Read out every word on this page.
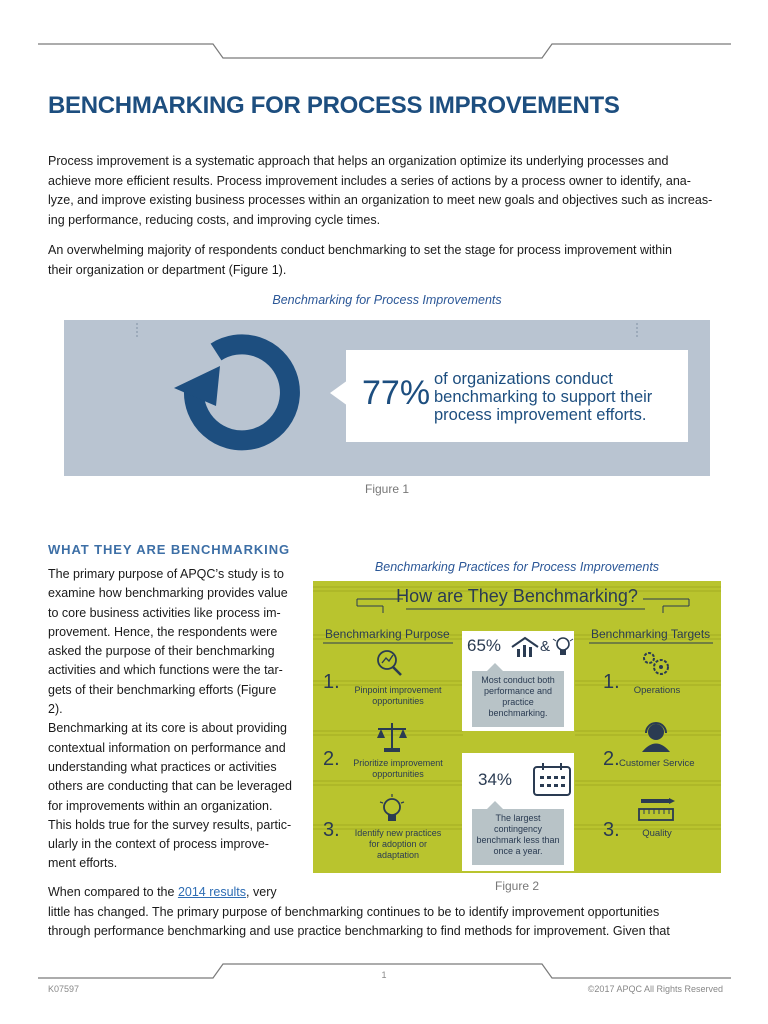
BENCHMARKING FOR PROCESS IMPROVEMENTS
Process improvement is a systematic approach that helps an organization optimize its underlying processes and
achieve more efficient results. Process improvement includes a series of actions by a process owner to identify, ana-
lyze, and improve existing business processes within an organization to meet new goals and objectives such as increas-
ing performance, reducing costs, and improving cycle times.
An overwhelming majority of respondents conduct benchmarking to set the stage for process improvement within
their organization or department (Figure 1).
Benchmarking for Process Improvements
77% of organizations conduct
benchmarking to support their
process improvement efforts.
Figure 1
WHAT THEY ARE BENCHMARKING

The primary purpose of APQC’s study is to

examine how benchmarking provides value

to core business activities like process im-

provement. Hence, the respondents were

asked the purpose of their benchmarking

activities and which functions were the tar-

gets of their benchmarking efforts (Figure

2).

Benchmarking at its core is about providing

contextual information on performance and

understanding what practices or activities

others are conducting that can be leveraged

for improvements within an organization.

This holds true for the survey results, partic-

ularly in the context of process improve-

ment efforts.

When compared to the 2014 results, very
little has changed. The primary purpose of benchmarking continues to be to identify improvement opportunities
through performance benchmarking and use practice benchmarking to find methods for improvement. Given that
Benchmarking Practices for Process Improvements
How are They Benchmarking?
Benchmarking Purpose	Benchmarking Targets
1.
2.
3.
Pinpoint improvement
opportunities
Prioritize improvement
opportunities
Identify new practices
for adoption or
adaptation
65%	&
Most conduct both
performance and
practice
benchmarking.
34%
The largest
contingency
benchmark less than
once a year.
1.
2.
3.
Operations
Customer Service
Quality
Figure 2
K07597
1
©2017 APQC All Rights Reserved
